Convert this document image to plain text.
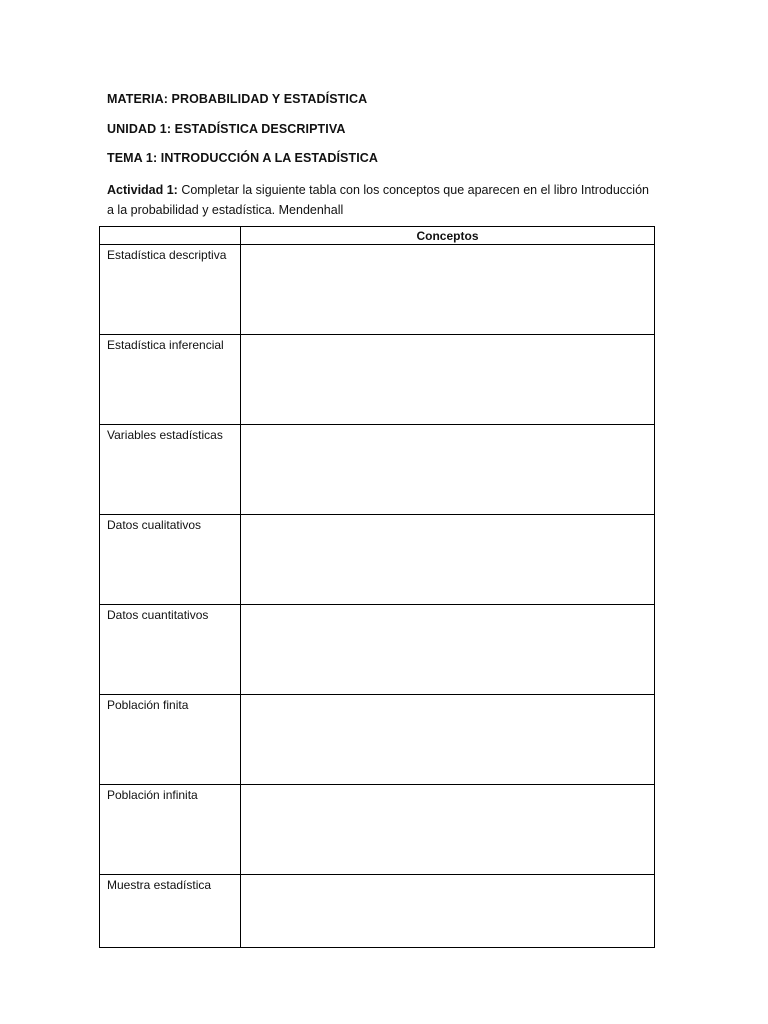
MATERIA: PROBABILIDAD Y ESTADÍSTICA
UNIDAD 1: ESTADÍSTICA DESCRIPTIVA
TEMA 1: INTRODUCCIÓN A LA ESTADÍSTICA
Actividad 1: Completar la siguiente tabla con los conceptos que aparecen en el libro Introducción a la probabilidad y estadística. Mendenhall
	Conceptos
Estadística descriptiva	
Estadística inferencial	
Variables estadísticas	
Datos cualitativos	
Datos cuantitativos	
Población finita	
Población infinita	
Muestra estadística	
